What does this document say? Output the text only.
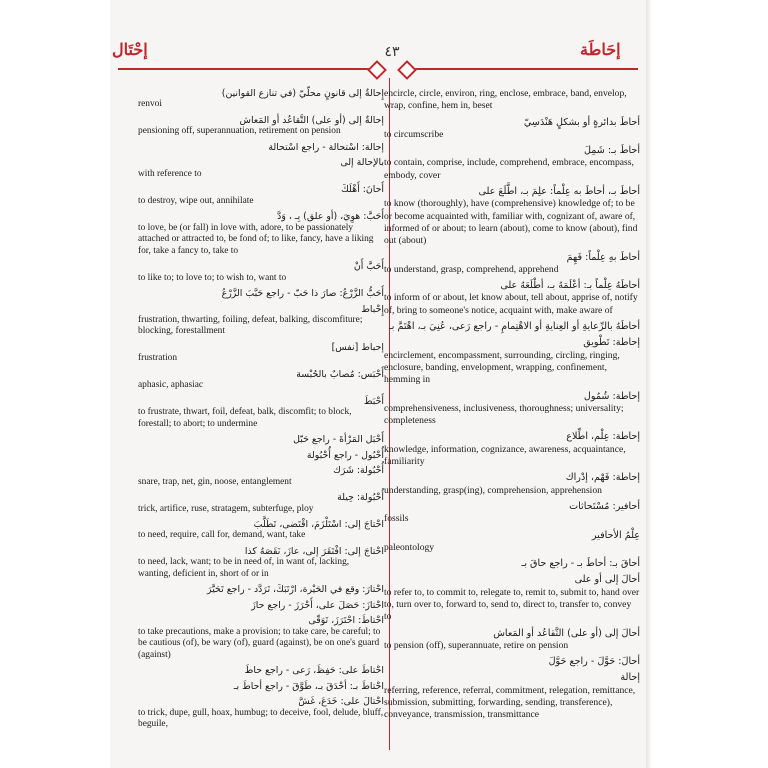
إحْتَال	إحَاطَة
٤٣
إِحالةٌ إلى قانونٍ محلّيّ (في تنازع القوانين)
renvoi
إحالةٌ إلى (أو على) التَّقاعُد أو المَعاش
pensioning off, superannuation, retirement on pension
إحالة: اسْتحالة - راجع اسْتحالة
بالإحالة إلى
with reference to
أَحانَ: أَهْلَكَ
to destroy, wipe out, annihilate
أَحَبَّ: هوِيَ، (أو علق) بِـ ، وَدَّ
to love, be (or fall) in love with, adore, to be passionately attached or attracted to, be fond of; to like, fancy, have a liking for, take a fancy to, take to
أَحَبَّ أَنْ
to like to; to love to; to wish to, want to
أَحَبُّ الزَّرْعُ: صارَ ذا حَبّ - راجع حَبَّبَ الزَّرْعُ
إِحْباط
frustration, thwarting, foiling, defeat, balking, discomfiture; blocking, forestallment
إحباط [نفس]
frustration
أَحْبَس: مُصابٌ بالحُبْسة
aphasic, aphasiac
أَحْبَطَ
to frustrate, thwart, foil, defeat, balk, discomfit; to block, forestall; to abort; to undermine
أَحْبَل المَرْأةَ - راجع حَبّل
أُحْبُول - راجع أُحْبُولة
أُحْبُولة: شَرَك
snare, trap, net, gin, noose, entanglement
أُحْبُولة: حِيلة
trick, artifice, ruse, stratagem, subterfuge, ploy
احْتاجَ إلى: اسْتَلْزَمَ، اقْتَضى، تَطَلَّبَ
to need, require, call for, demand, want, take
احْتاجَ إلى: افْتَقَرَ إلى، عازَ، نَقَصَهُ كذا
to need, lack, want; to be in need of, in want of, lacking, wanting, deficient in, short of or in
احْتارَ: وقع في الحَيْرة، ارْتَبَكَ، تَرَدَّد - راجع تَحَيَّرَ
احْتازَ: حَصَلَ على، أَحْرَزَ - راجع حازَ
احْتاطَ: احْتَرَزَ، تَوَقّى
to take precautions, make a provision; to take care, be careful; to be cautious (of), be wary (of), guard (against), be on one's guard (against)
احْتاطَ على: حَفِظَ، رَعى - راجع حاطَ
احْتاطَ بـ: أحْدَقَ بـ، طَوَّقَ - راجع أحاطَ بـ
احْتالَ على: خَدَعَ، غَشَّ
to trick, dupe, gull, hoax, humbug; to deceive, fool, delude, bluff, beguile,
encircle, circle, environ, ring, enclose, embrace, band, envelop, wrap, confine, hem in, beset
أحاطَ بدائرةٍ أو بشكلٍ هَنْدَسِيّ
to circumscribe
أحاطَ بـ: شَمِلَ
to contain, comprise, include, comprehend, embrace, encompass, embody, cover
أحاطَ بـ، أحاطَ به عِلْماً: علِمَ بـ، اطَّلَعَ على
to know (thoroughly), have (comprehensive) knowledge of; to be or become acquainted with, familiar with, cognizant of, aware of, informed of or about; to learn (about), come to know (about), find out (about)
أحاطَ بهِ عِلْماً: فَهِمَ
to understand, grasp, comprehend, apprehend
أحاطَهُ عِلْماً بـ: أعْلَمَهُ بـ، أطْلَعَهُ على
to inform of or about, let know about, tell about, apprise of, notify of, bring to someone's notice, acquaint with, make aware of
أحاطَهُ بالرِّعايةِ أو العِنايةِ أو الاهْتِمامِ - راجع رَعى، عُنِيَ بـ، اهْتَمَّ بـ
إحاطة: تَطْويق
encirclement, encompassment, surrounding, circling, ringing, enclosure, banding, envelopment, wrapping, confinement, hemming in
إحاطة: شُمُول
comprehensiveness, inclusiveness, thoroughness; universality; completeness
إحاطة: عِلْم، اطِّلاع
knowledge, information, cognizance, awareness, acquaintance, familiarity
إحاطة: فَهْم، إدْراك
understanding, grasp(ing), comprehension, apprehension
أحافير: مُسْتَحاثات
fossils
عِلْمُ الأحافير
paleontology
أحاقَ بـ: أحاطَ بـ - راجع حاقَ بـ
أحالَ إلى أو على
to refer to, to commit to, relegate to, remit to, submit to, hand over to, turn over to, forward to, send to, direct to, transfer to, convey to
أحالَ إلى (أو على) التَّقاعُد أو المَعاش
to pension (off), superannuate, retire on pension
أحالَ: حَوَّلَ - راجع حَوَّلَ
إحالة
referring, reference, referral, commitment, relegation, remittance, submission, submitting, forwarding, sending, transference), conveyance, transmission, transmittance
